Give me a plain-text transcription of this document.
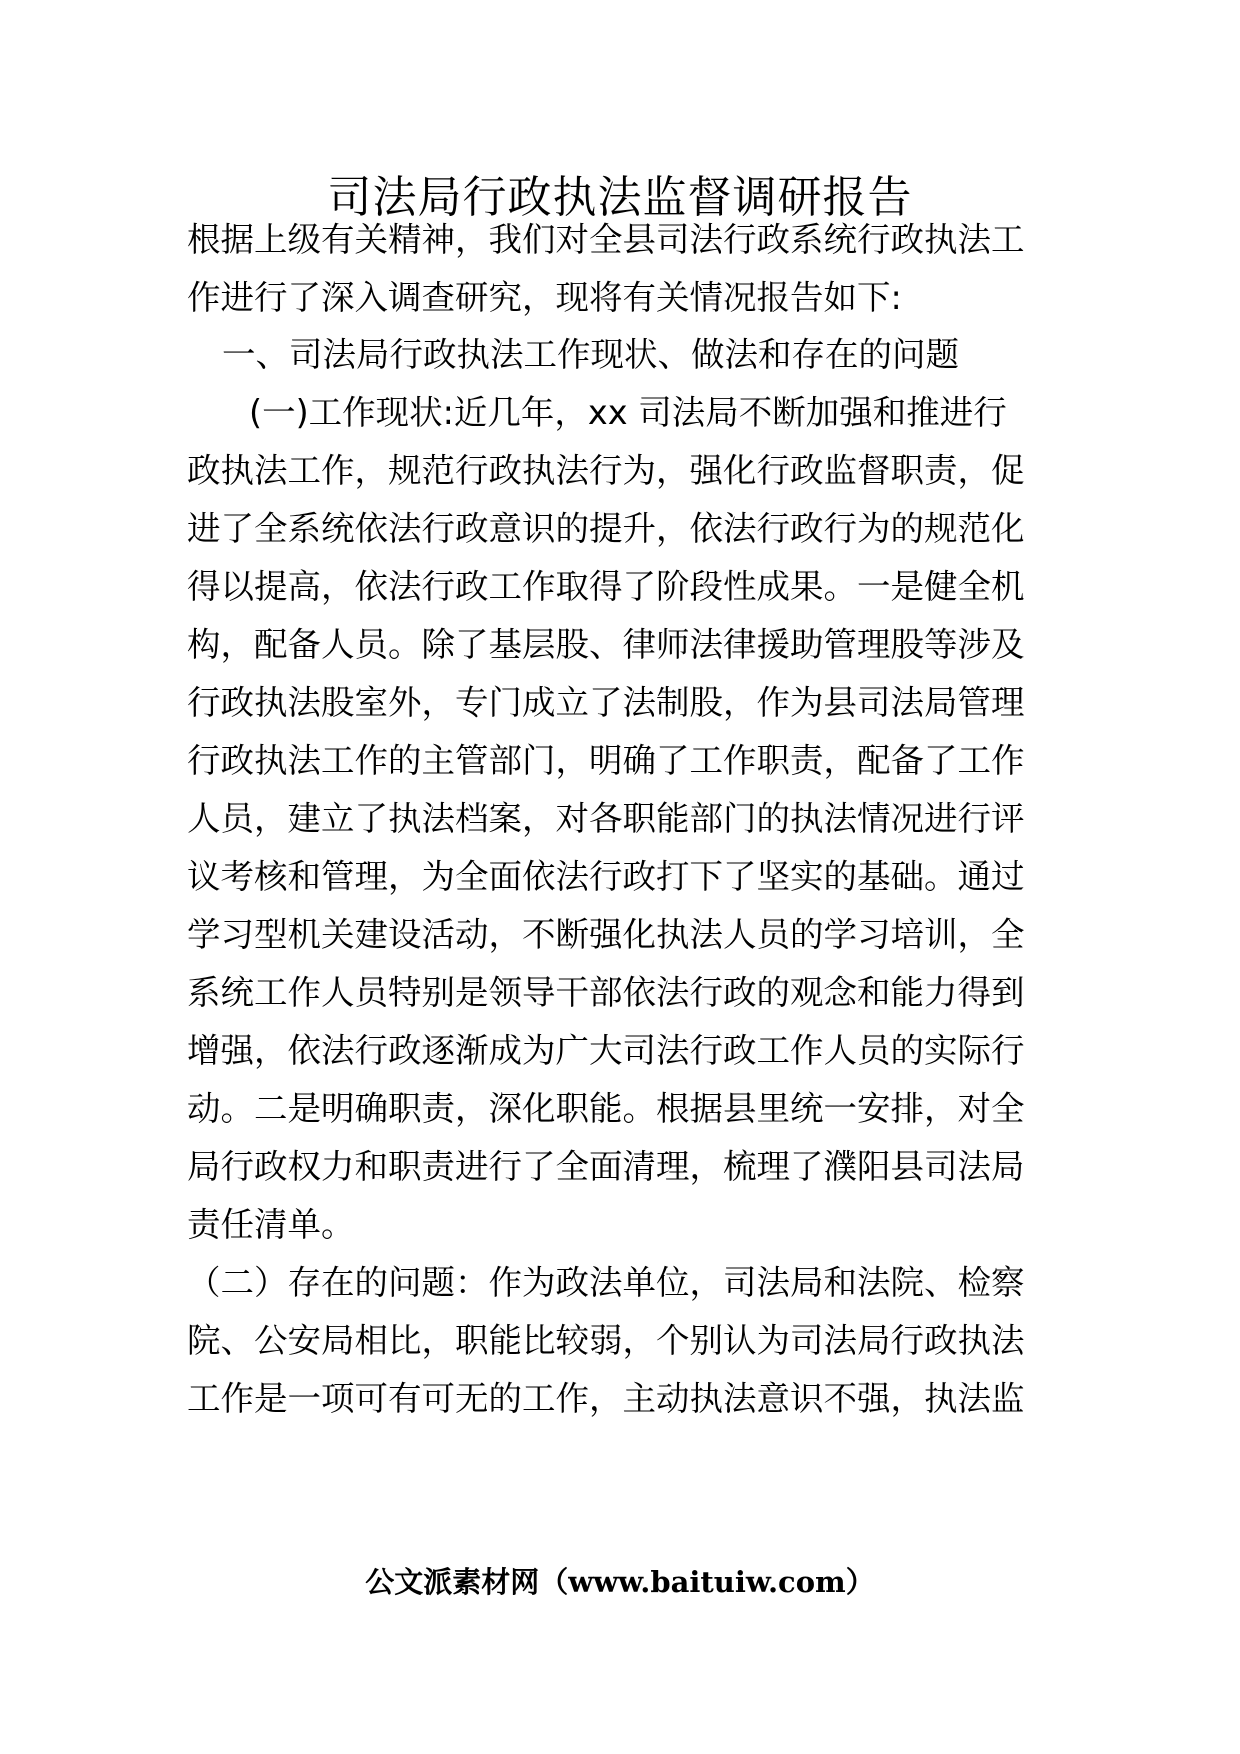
司法局行政执法监督调研报告
根据上级有关精神，我们对全县司法行政系统行政执法工
作进行了深入调查研究，现将有关情况报告如下:
一、司法局行政执法工作现状、做法和存在的问题
(一)工作现状:近几年，xx 司法局不断加强和推进行
政执法工作，规范行政执法行为，强化行政监督职责，促
进了全系统依法行政意识的提升，依法行政行为的规范化
得以提高，依法行政工作取得了阶段性成果。一是健全机
构，配备人员。除了基层股、律师法律援助管理股等涉及
行政执法股室外，专门成立了法制股，作为县司法局管理
行政执法工作的主管部门，明确了工作职责，配备了工作
人员，建立了执法档案，对各职能部门的执法情况进行评
议考核和管理，为全面依法行政打下了坚实的基础。通过
学习型机关建设活动，不断强化执法人员的学习培训，全
系统工作人员特别是领导干部依法行政的观念和能力得到
增强，依法行政逐渐成为广大司法行政工作人员的实际行
动。二是明确职责，深化职能。根据县里统一安排，对全
局行政权力和职责进行了全面清理，梳理了濮阳县司法局
责任清单。
（二）存在的问题：作为政法单位，司法局和法院、检察
院、公安局相比，职能比较弱，个别认为司法局行政执法
工作是一项可有可无的工作，主动执法意识不强，执法监
公文派素材网（www.baituiw.com）
